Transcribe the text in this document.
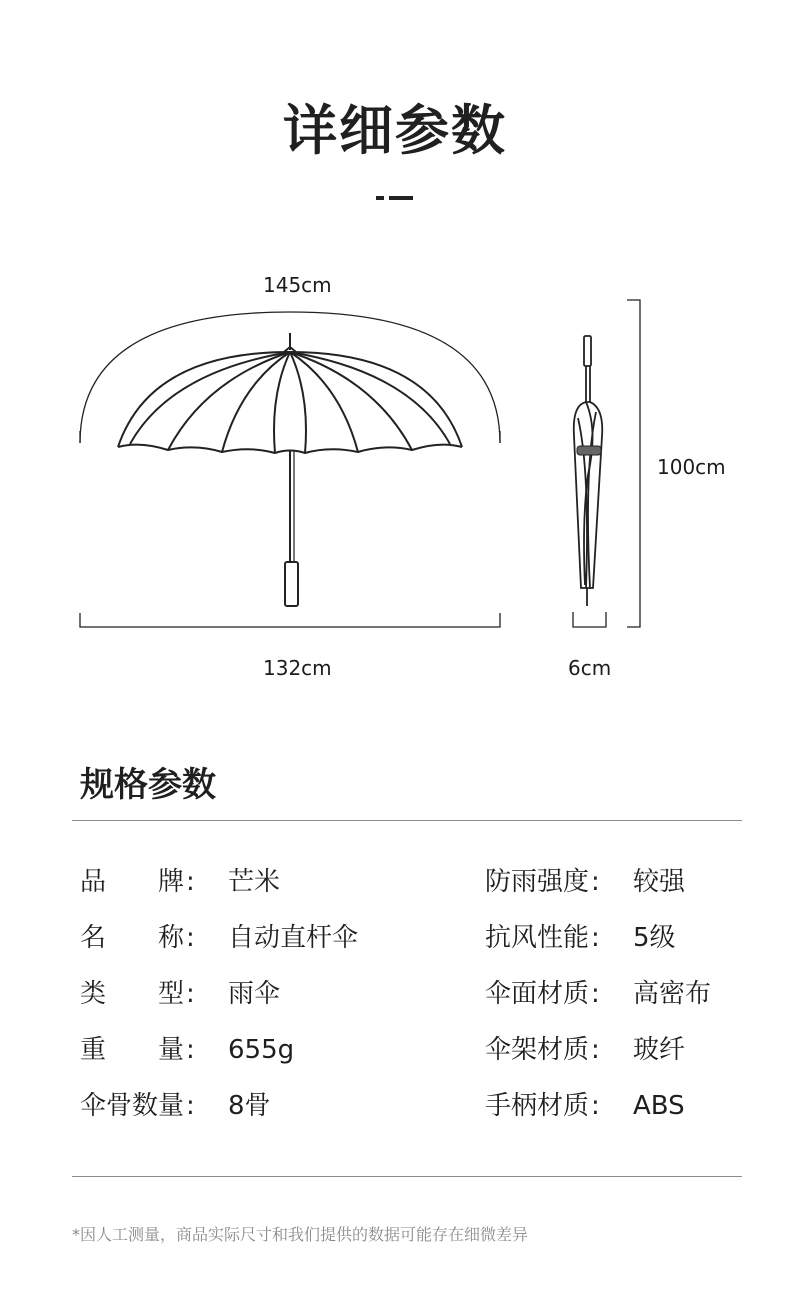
详细参数
145cm
132cm
100cm
6cm
规格参数
品 牌 : 芒米
名 称 : 自动直杆伞
类 型 : 雨伞
重 量 : 655g
伞骨数量 : 8骨
防雨强度 : 较强
抗风性能 : 5级
伞面材质 : 高密布
伞架材质 : 玻纤
手柄材质 : ABS
*因人工测量，商品实际尺寸和我们提供的数据可能存在细微差异
